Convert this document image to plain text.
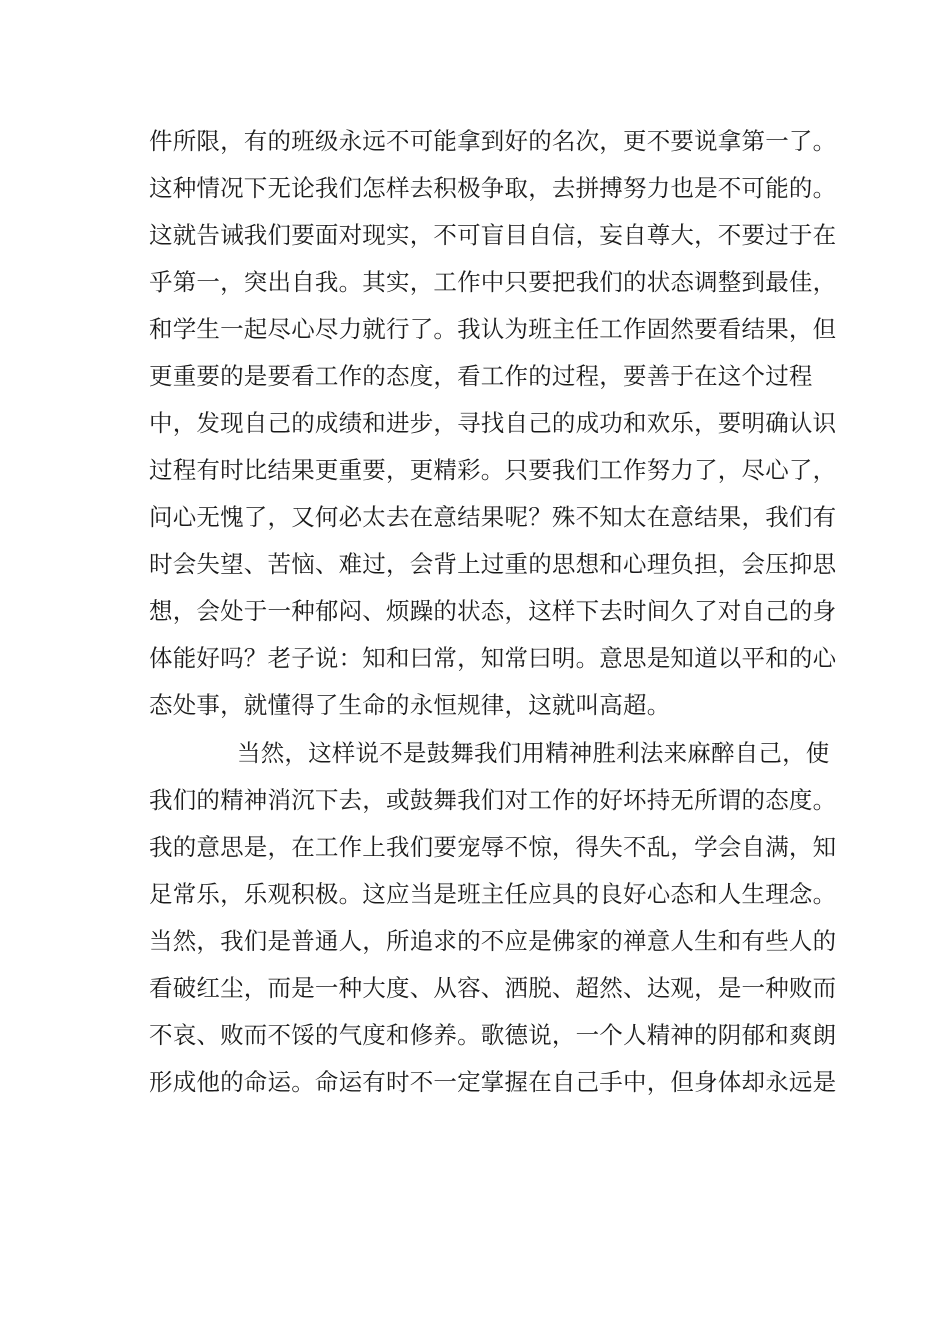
件所限，有的班级永远不可能拿到好的名次，更不要说拿第一了。
这种情况下无论我们怎样去积极争取，去拼搏努力也是不可能的。
这就告诫我们要面对现实，不可盲目自信，妄自尊大，不要过于在
乎第一，突出自我。其实，工作中只要把我们的状态调整到最佳，
和学生一起尽心尽力就行了。我认为班主任工作固然要看结果，但
更重要的是要看工作的态度，看工作的过程，要善于在这个过程
中，发现自己的成绩和进步，寻找自己的成功和欢乐，要明确认识
过程有时比结果更重要，更精彩。只要我们工作努力了，尽心了，
问心无愧了，又何必太去在意结果呢？殊不知太在意结果，我们有
时会失望、苦恼、难过，会背上过重的思想和心理负担，会压抑思
想，会处于一种郁闷、烦躁的状态，这样下去时间久了对自己的身
体能好吗？老子说：知和曰常，知常曰明。意思是知道以平和的心
态处事，就懂得了生命的永恒规律，这就叫高超。
当然，这样说不是鼓舞我们用精神胜利法来麻醉自己，使
我们的精神消沉下去，或鼓舞我们对工作的好坏持无所谓的态度。
我的意思是，在工作上我们要宠辱不惊，得失不乱，学会自满，知
足常乐，乐观积极。这应当是班主任应具的良好心态和人生理念。
当然，我们是普通人，所追求的不应是佛家的禅意人生和有些人的
看破红尘，而是一种大度、从容、洒脱、超然、达观，是一种败而
不哀、败而不馁的气度和修养。歌德说，一个人精神的阴郁和爽朗
形成他的命运。命运有时不一定掌握在自己手中，但身体却永远是
